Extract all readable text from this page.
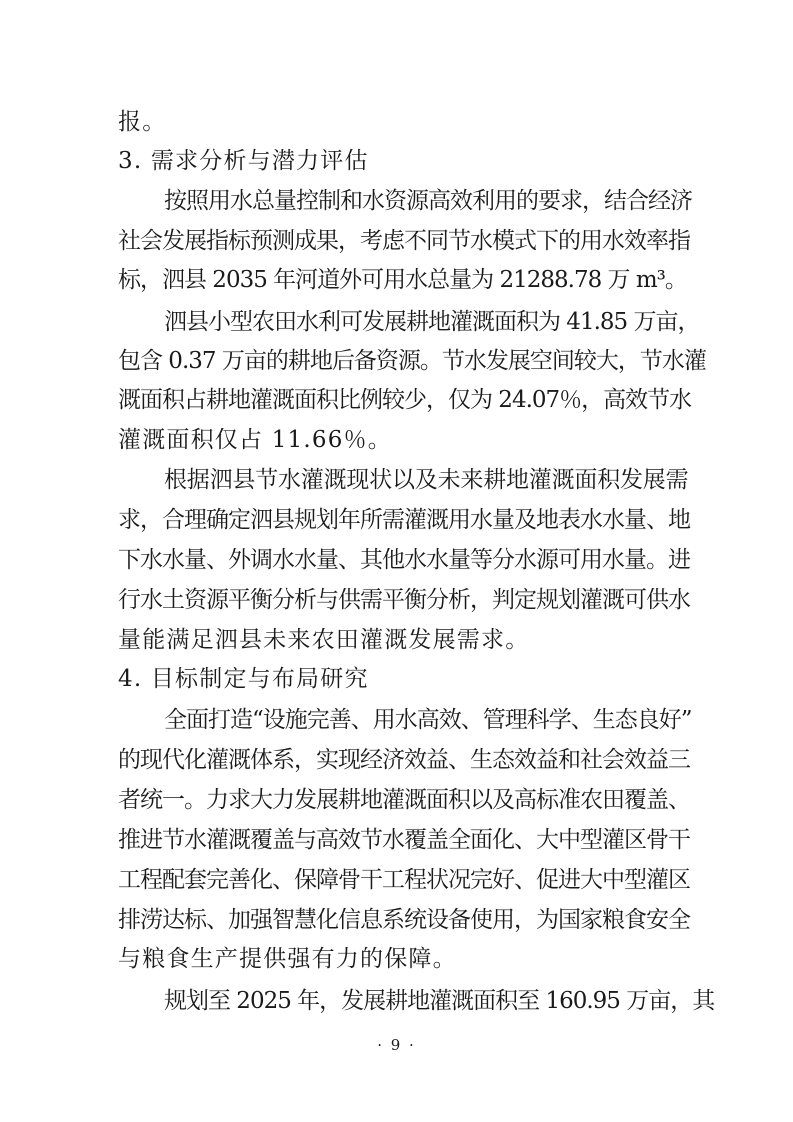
报。
3. 需求分析与潜力评估
按照用水总量控制和水资源高效利用的要求，结合经济
社会发展指标预测成果，考虑不同节水模式下的用水效率指
标，泗县 2035 年河道外可用水总量为 21288.78 万 m³。
泗县小型农田水利可发展耕地灌溉面积为 41.85 万亩，
包含 0.37 万亩的耕地后备资源。节水发展空间较大，节水灌
溉面积占耕地灌溉面积比例较少，仅为 24.07％，高效节水
灌溉面积仅占 11.66％。
根据泗县节水灌溉现状以及未来耕地灌溉面积发展需
求，合理确定泗县规划年所需灌溉用水量及地表水水量、地
下水水量、外调水水量、其他水水量等分水源可用水量。进
行水土资源平衡分析与供需平衡分析，判定规划灌溉可供水
量能满足泗县未来农田灌溉发展需求。
4. 目标制定与布局研究
全面打造“设施完善、用水高效、管理科学、生态良好”
的现代化灌溉体系，实现经济效益、生态效益和社会效益三
者统一。力求大力发展耕地灌溉面积以及高标准农田覆盖、
推进节水灌溉覆盖与高效节水覆盖全面化、大中型灌区骨干
工程配套完善化、保障骨干工程状况完好、促进大中型灌区
排涝达标、加强智慧化信息系统设备使用，为国家粮食安全
与粮食生产提供强有力的保障。
规划至 2025 年，发展耕地灌溉面积至 160.95 万亩，其
· 9 ·
